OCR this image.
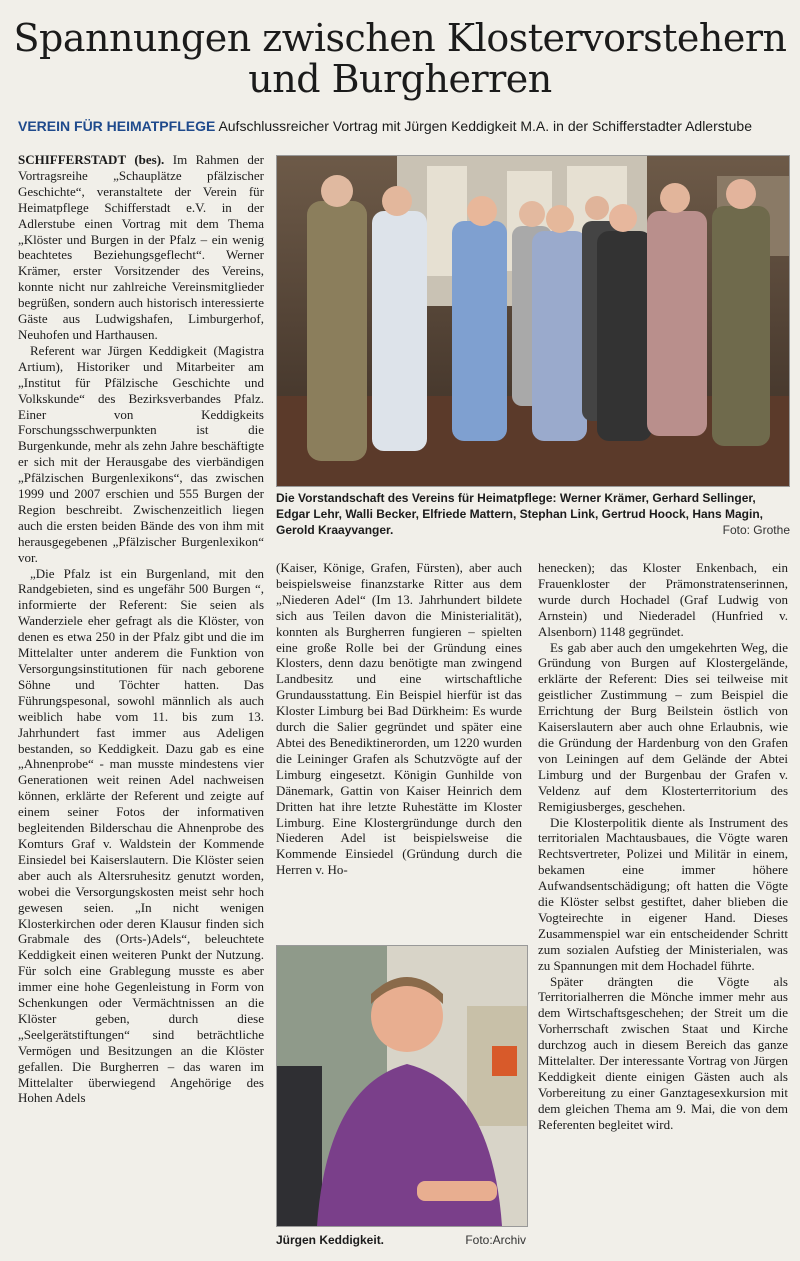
Spannungen zwischen Klostervorstehern und Burgherren
VEREIN FÜR HEIMATPFLEGE Aufschlussreicher Vortrag mit Jürgen Keddigkeit M.A. in der Schifferstadter Adlerstube

SCHIFFERSTADT (bes). Im Rahmen der Vortragsreihe „Schauplätze pfälzischer Geschichte“, veranstaltete der Verein für Heimatpflege Schifferstadt e.V. in der Adlerstube einen Vortrag mit dem Thema „Klöster und Burgen in der Pfalz – ein wenig beachtetes Beziehungsgeflecht“. Werner Krämer, erster Vorsitzender des Vereins, konnte nicht nur zahlreiche Vereinsmitglieder begrüßen, sondern auch historisch interessierte Gäste aus Ludwigshafen, Limburgerhof, Neuhofen und Harthausen.

Referent war Jürgen Keddigkeit (Magistra Artium), Historiker und Mitarbeiter am „Institut für Pfälzische Geschichte und Volkskunde“ des Bezirksverbandes Pfalz. Einer von Keddigkeits Forschungsschwerpunkten ist die Burgenkunde, mehr als zehn Jahre beschäftigte er sich mit der Herausgabe des vierbändigen „Pfälzischen Burgenlexikons“, das zwischen 1999 und 2007 erschien und 555 Burgen der Region beschreibt. Zwischenzeitlich liegen auch die ersten beiden Bände des von ihm mit herausgegebenen „Pfälzischer Burgenlexikon“ vor.

„Die Pfalz ist ein Burgenland, mit den Randgebieten, sind es ungefähr 500 Burgen “, informierte der Referent: Sie seien als Wanderziele eher gefragt als die Klöster, von denen es etwa 250 in der Pfalz gibt und die im Mittelalter unter anderem die Funktion von Versorgungsinstitutionen für nach geborene Söhne und Töchter hatten. Das Führungspesonal, sowohl männlich als auch weiblich habe vom 11. bis zum 13. Jahrhundert fast immer aus Adeligen bestanden, so Keddigkeit. Dazu gab es eine „Ahnenprobe“ - man musste mindestens vier Generationen weit reinen Adel nachweisen können, erklärte der Referent und zeigte auf einem seiner Fotos der informativen begleitenden Bilderschau die Ahnenprobe des Komturs Graf v. Waldstein der Kommende Einsiedel bei Kaiserslautern. Die Klöster seien aber auch als Altersruhesitz genutzt worden, wobei die Versorgungskosten meist sehr hoch gewesen seien. „In nicht wenigen Klosterkirchen oder deren Klausur finden sich Grabmale des (Orts-)Adels“, beleuchtete Keddigkeit einen weiteren Punkt der Nutzung. Für solch eine Grablegung musste es aber immer eine hohe Gegenleistung in Form von Schenkungen oder Vermächtnissen an die Klöster geben, durch diese „Seelgerätstiftungen“ sind beträchtliche Vermögen und Besitzungen an die Klöster gefallen. Die Burgherren – das waren im Mittelalter überwiegend Angehörige des Hohen Adels

Die Vorstandschaft des Vereins für Heimatpflege: Werner Krämer, Gerhard Sellinger, Edgar Lehr, Walli Becker, Elfriede Mattern, Stephan Link, Gertrud Hoock, Hans Magin, Gerold Kraayvanger.	Foto: Grothe

(Kaiser, Könige, Grafen, Fürsten), aber auch beispielsweise finanzstarke Ritter aus dem „Niederen Adel“ (Im 13. Jahrhundert bildete sich aus Teilen davon die Ministerialität), konnten als Burgherren fungieren – spielten eine große Rolle bei der Gründung eines Klosters, denn dazu benötigte man zwingend Landbesitz und eine wirtschaftliche Grundausstattung. Ein Beispiel hierfür ist das Kloster Limburg bei Bad Dürkheim: Es wurde durch die Salier gegründet und später eine Abtei des Benediktinerorden, um 1220 wurden die Leininger Grafen als Schutzvögte auf der Limburg eingesetzt. Königin Gunhilde von Dänemark, Gattin von Kaiser Heinrich dem Dritten hat ihre letzte Ruhestätte im Kloster Limburg. Eine Klostergründunge durch den Niederen Adel ist beispielsweise die Kommende Einsiedel (Gründung durch die Herren v. Ho-

Jürgen Keddigkeit.	Foto:Archiv

henecken); das Kloster Enkenbach, ein Frauenkloster der Prämonstratenserinnen, wurde durch Hochadel (Graf Ludwig von Arnstein) und Niederadel (Hunfried v. Alsenborn) 1148 gegründet.

Es gab aber auch den umgekehrten Weg, die Gründung von Burgen auf Klostergelände, erklärte der Referent: Dies sei teilweise mit geistlicher Zustimmung – zum Beispiel die Errichtung der Burg Beilstein östlich von Kaiserslautern aber auch ohne Erlaubnis, wie die Gründung der Hardenburg von den Grafen von Leiningen auf dem Gelände der Abtei Limburg und der Burgenbau der Grafen v. Veldenz auf dem Klosterterritorium des Remigiusberges, geschehen.

Die Klosterpolitik diente als Instrument des territorialen Machtausbaues, die Vögte waren Rechtsvertreter, Polizei und Militär in einem, bekamen eine immer höhere Aufwandsentschädigung; oft hatten die Vögte die Klöster selbst gestiftet, daher blieben die Vogteirechte in eigener Hand. Dieses Zusammenspiel war ein entscheidender Schritt zum sozialen Aufstieg der Ministerialen, was zu Spannungen mit dem Hochadel führte.

Später drängten die Vögte als Territorialherren die Mönche immer mehr aus dem Wirtschaftsgeschehen; der Streit um die Vorherrschaft zwischen Staat und Kirche durchzog auch in diesem Bereich das ganze Mittelalter. Der interessante Vortrag von Jürgen Keddigkeit diente einigen Gästen auch als Vorbereitung zu einer Ganztagesexkursion mit dem gleichen Thema am 9. Mai, die von dem Referenten begleitet wird.
